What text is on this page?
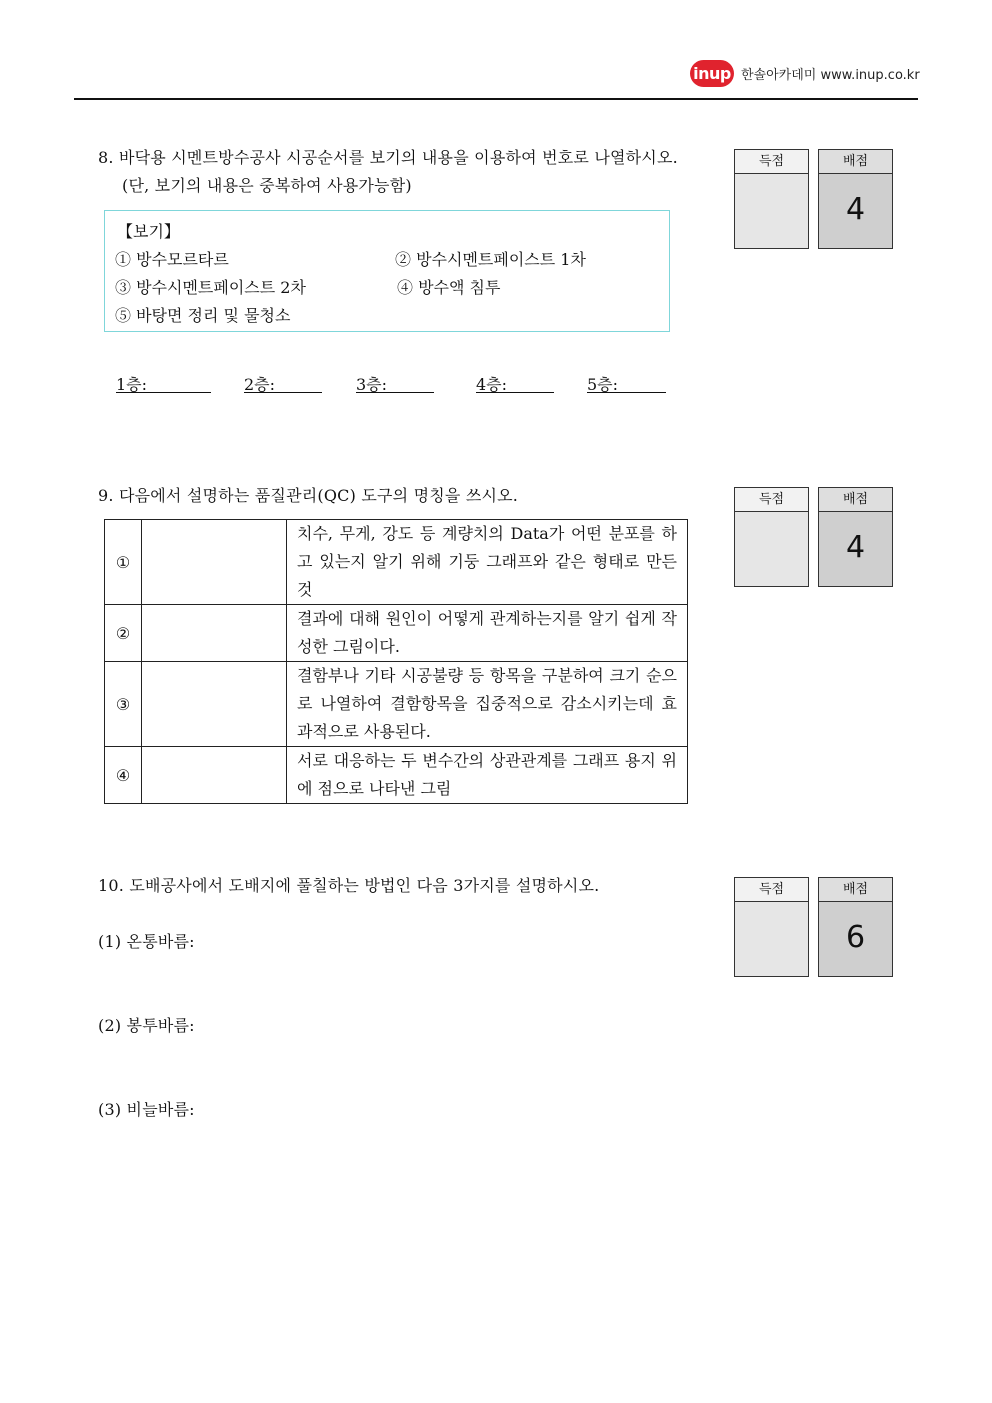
inup 한솔아카데미 www.inup.co.kr
8. 바닥용 시멘트방수공사 시공순서를 보기의 내용을 이용하여 번호로 나열하시오.
(단, 보기의 내용은 중복하여 사용가능함)
득점	배점
4
【보기】
① 방수모르타르	② 방수시멘트페이스트 1차
③ 방수시멘트페이스트 2차	④ 방수액 침투
⑤ 바탕면 정리 및 물청소
1층:	2층:	3층:	4층:	5층:
9. 다음에서 설명하는 품질관리(QC) 도구의 명칭을 쓰시오.	득점	배점
4
①		치수, 무게, 강도 등 계량치의 Data가 어떤 분포를 하고 있는지 알기 위해 기둥 그래프와 같은 형태로 만든 것
②		결과에 대해 원인이 어떻게 관계하는지를 알기 쉽게 작성한 그림이다.
③		결함부나 기타 시공불량 등 항목을 구분하여 크기 순으로 나열하여 결함항목을 집중적으로 감소시키는데 효과적으로 사용된다.
④		서로 대응하는 두 변수간의 상관관계를 그래프 용지 위에 점으로 나타낸 그림
10. 도배공사에서 도배지에 풀칠하는 방법인 다음 3가지를 설명하시오.	득점	배점
6
(1) 온통바름:
(2) 봉투바름:
(3) 비늘바름:
